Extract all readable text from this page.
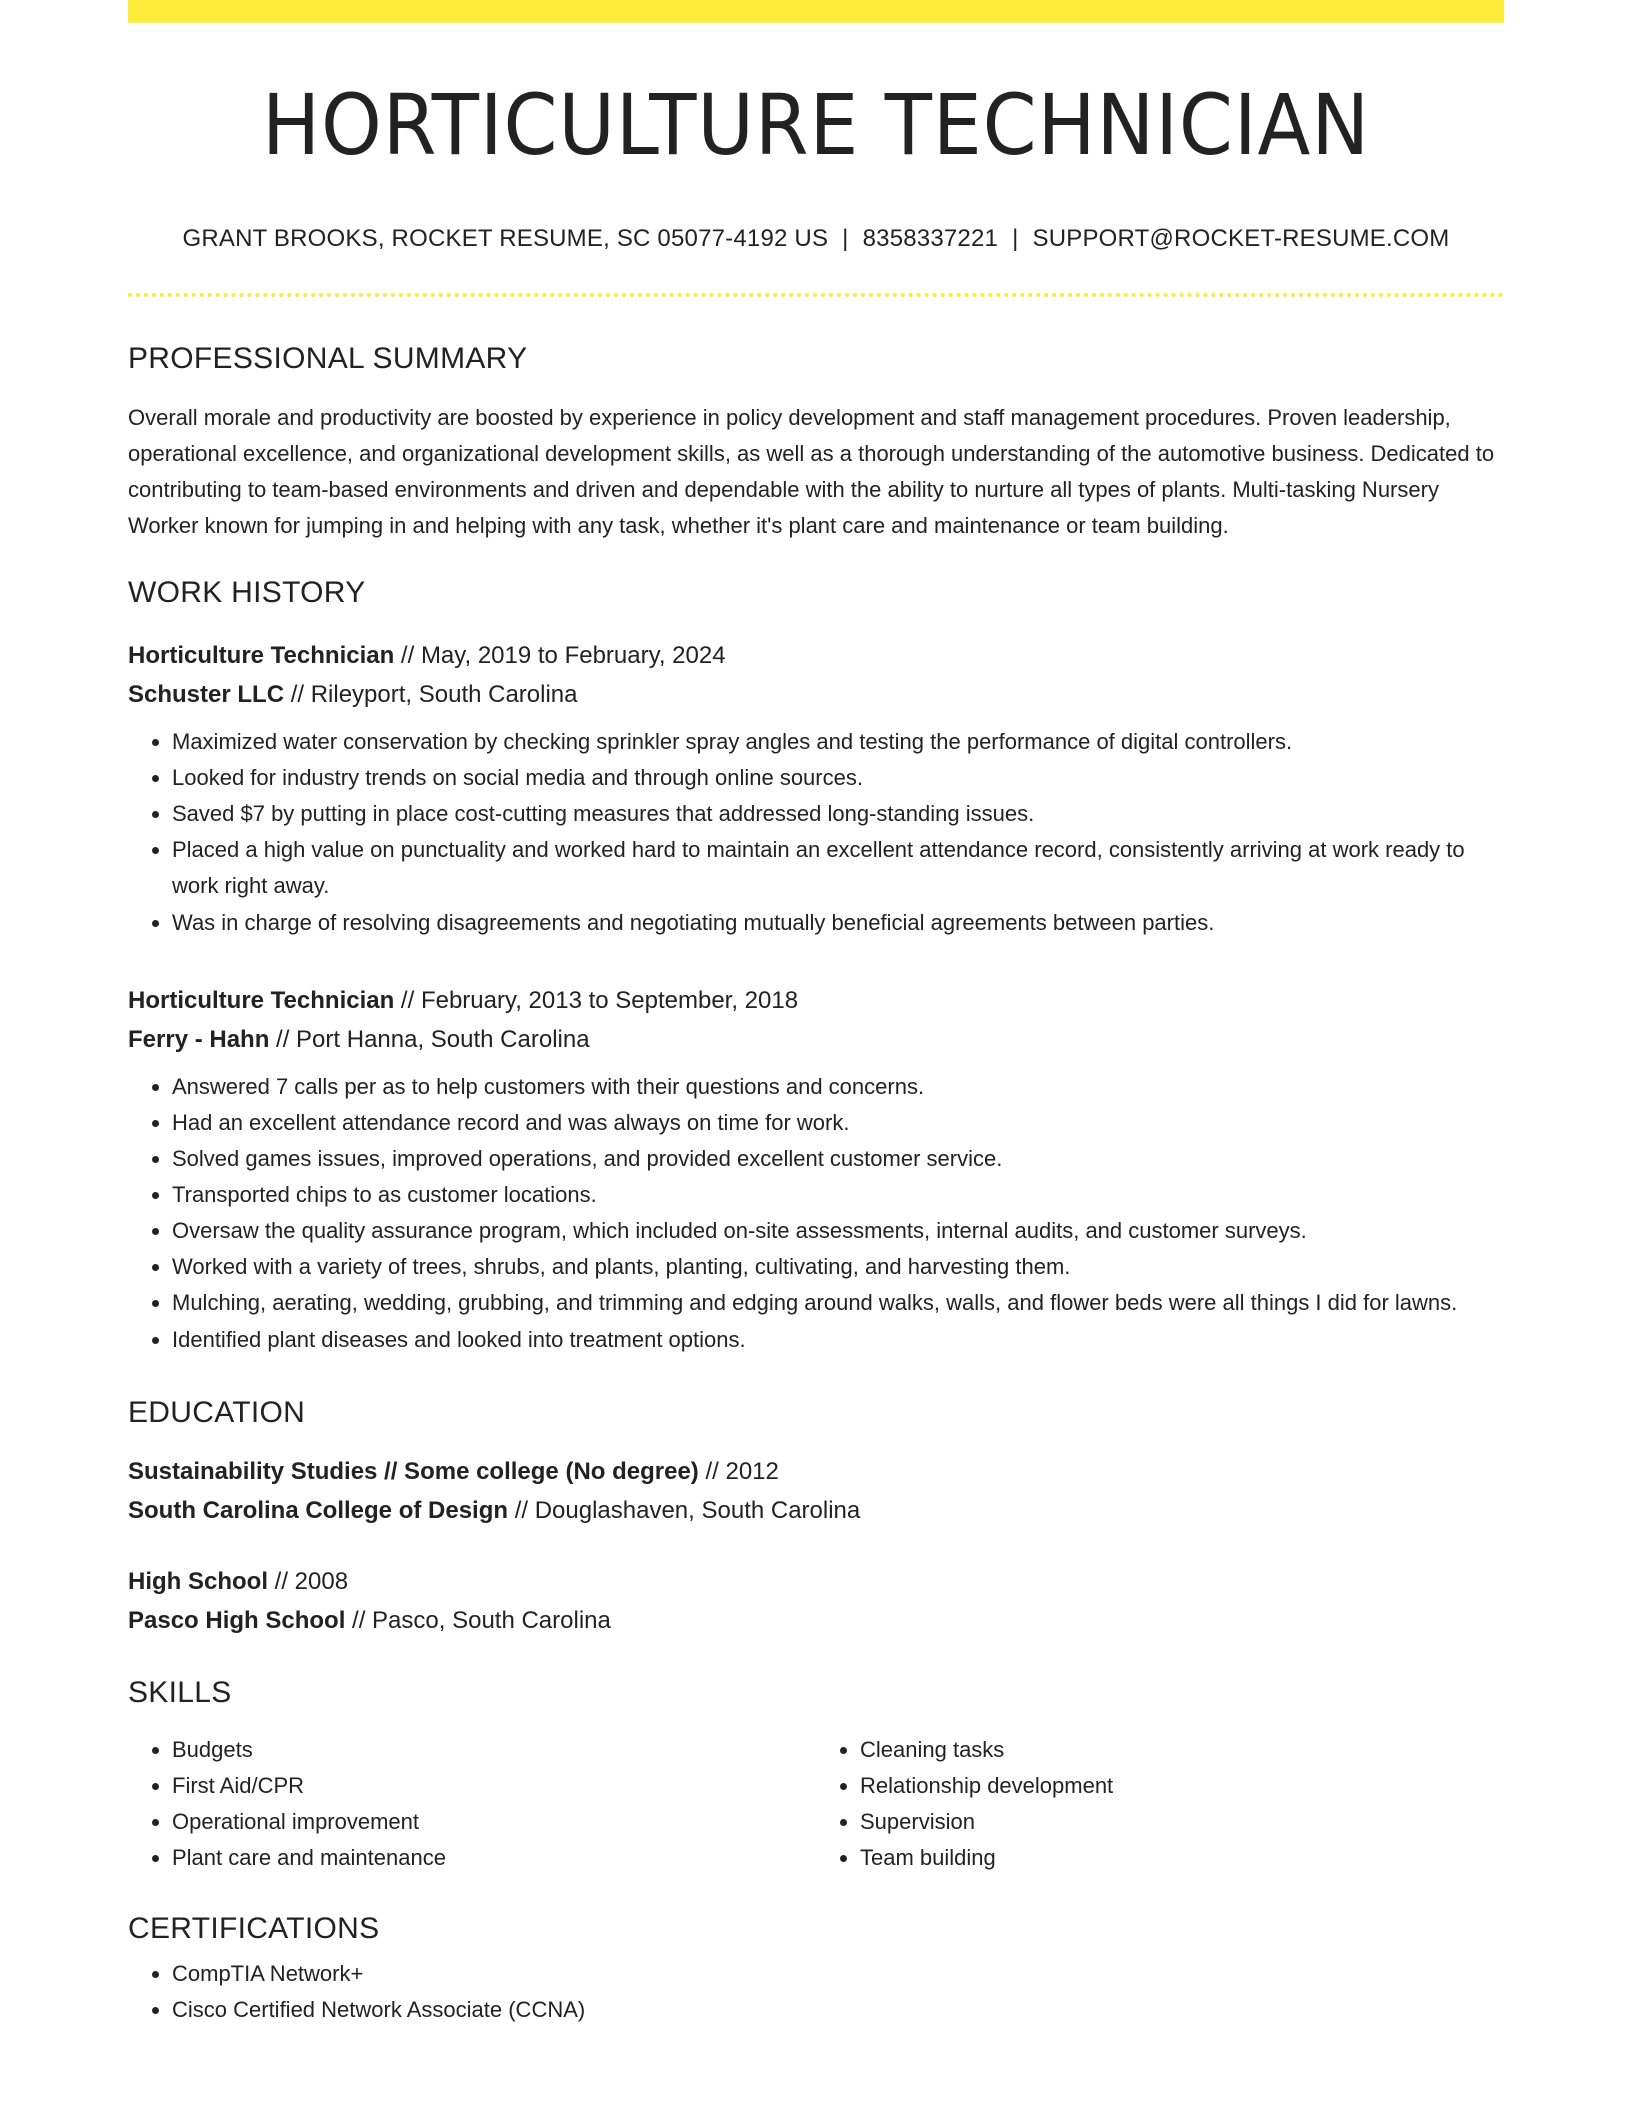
HORTICULTURE TECHNICIAN
GRANT BROOKS, ROCKET RESUME, SC 05077-4192 US | 8358337221 | SUPPORT@ROCKET-RESUME.COM
PROFESSIONAL SUMMARY
Overall morale and productivity are boosted by experience in policy development and staff management procedures. Proven leadership, operational excellence, and organizational development skills, as well as a thorough understanding of the automotive business. Dedicated to contributing to team-based environments and driven and dependable with the ability to nurture all types of plants. Multi-tasking Nursery Worker known for jumping in and helping with any task, whether it's plant care and maintenance or team building.
WORK HISTORY
Horticulture Technician // May, 2019 to February, 2024
Schuster LLC // Rileyport, South Carolina
• Maximized water conservation by checking sprinkler spray angles and testing the performance of digital controllers.
• Looked for industry trends on social media and through online sources.
• Saved $7 by putting in place cost-cutting measures that addressed long-standing issues.
• Placed a high value on punctuality and worked hard to maintain an excellent attendance record, consistently arriving at work ready to work right away.
• Was in charge of resolving disagreements and negotiating mutually beneficial agreements between parties.
Horticulture Technician // February, 2013 to September, 2018
Ferry - Hahn // Port Hanna, South Carolina
• Answered 7 calls per as to help customers with their questions and concerns.
• Had an excellent attendance record and was always on time for work.
• Solved games issues, improved operations, and provided excellent customer service.
• Transported chips to as customer locations.
• Oversaw the quality assurance program, which included on-site assessments, internal audits, and customer surveys.
• Worked with a variety of trees, shrubs, and plants, planting, cultivating, and harvesting them.
• Mulching, aerating, wedding, grubbing, and trimming and edging around walks, walls, and flower beds were all things I did for lawns.
• Identified plant diseases and looked into treatment options.
EDUCATION
Sustainability Studies // Some college (No degree) // 2012
South Carolina College of Design // Douglashaven, South Carolina
High School // 2008
Pasco High School // Pasco, South Carolina
SKILLS
• Budgets
• First Aid/CPR
• Operational improvement
• Plant care and maintenance
• Cleaning tasks
• Relationship development
• Supervision
• Team building
CERTIFICATIONS
• CompTIA Network+
• Cisco Certified Network Associate (CCNA)
